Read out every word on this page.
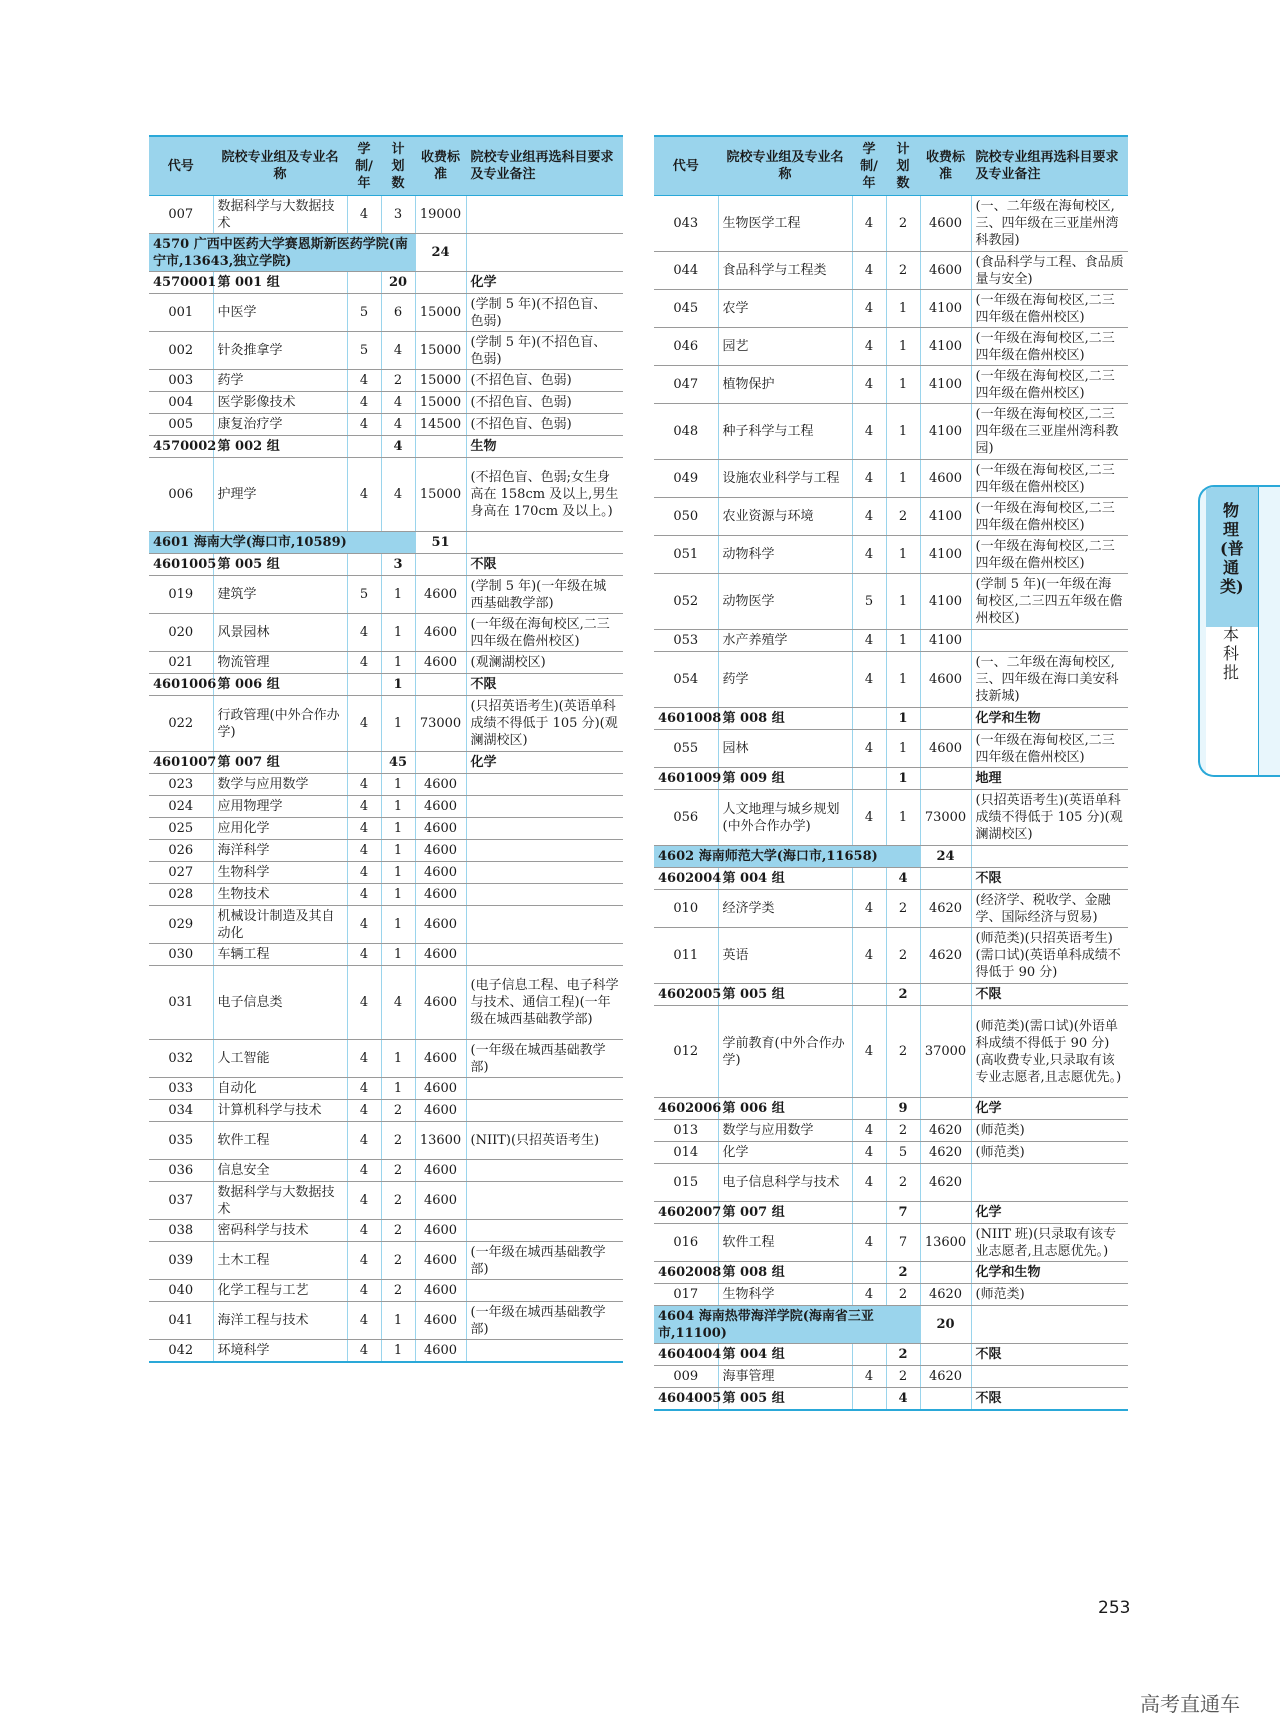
代号	院校专业组及专业名称	学制/年	计划数	收费标准	院校专业组再选科目要求及专业备注
007	数据科学与大数据技术	4	3	19000	
4570 广西中医药大学赛恩斯新医药学院(南宁市,13643,独立学院)				24	
4570001	第 001 组		20		化学
001	中医学	5	6	15000	(学制 5 年)(不招色盲、色弱)
002	针灸推拿学	5	4	15000	(学制 5 年)(不招色盲、色弱)
003	药学	4	2	15000	(不招色盲、色弱)
004	医学影像技术	4	4	15000	(不招色盲、色弱)
005	康复治疗学	4	4	14500	(不招色盲、色弱)
4570002	第 002 组		4		生物
006	护理学	4	4	15000	(不招色盲、色弱;女生身高在 158cm 及以上,男生身高在 170cm 及以上。)
4601 海南大学(海口市,10589)				51	
4601005	第 005 组		3		不限
019	建筑学	5	1	4600	(学制 5 年)(一年级在城西基础教学部)
020	风景园林	4	1	4600	(一年级在海甸校区,二三四年级在儋州校区)
021	物流管理	4	1	4600	(观澜湖校区)
4601006	第 006 组		1		不限
022	行政管理(中外合作办学)	4	1	73000	(只招英语考生)(英语单科成绩不得低于 105 分)(观澜湖校区)
4601007	第 007 组		45		化学
023	数学与应用数学	4	1	4600	
024	应用物理学	4	1	4600	
025	应用化学	4	1	4600	
026	海洋科学	4	1	4600	
027	生物科学	4	1	4600	
028	生物技术	4	1	4600	
029	机械设计制造及其自动化	4	1	4600	
030	车辆工程	4	1	4600	
031	电子信息类	4	4	4600	(电子信息工程、电子科学与技术、通信工程)(一年级在城西基础教学部)
032	人工智能	4	1	4600	(一年级在城西基础教学部)
033	自动化	4	1	4600	
034	计算机科学与技术	4	2	4600	
035	软件工程	4	2	13600	(NIIT)(只招英语考生)
036	信息安全	4	2	4600	
037	数据科学与大数据技术	4	2	4600	
038	密码科学与技术	4	2	4600	
039	土木工程	4	2	4600	(一年级在城西基础教学部)
040	化学工程与工艺	4	2	4600	
041	海洋工程与技术	4	1	4600	(一年级在城西基础教学部)
042	环境科学	4	1	4600	
代号	院校专业组及专业名称	学制/年	计划数	收费标准	院校专业组再选科目要求及专业备注
043	生物医学工程	4	2	4600	(一、二年级在海甸校区,三、四年级在三亚崖州湾科教园)
044	食品科学与工程类	4	2	4600	(食品科学与工程、食品质量与安全)
045	农学	4	1	4100	(一年级在海甸校区,二三四年级在儋州校区)
046	园艺	4	1	4100	(一年级在海甸校区,二三四年级在儋州校区)
047	植物保护	4	1	4100	(一年级在海甸校区,二三四年级在儋州校区)
048	种子科学与工程	4	1	4100	(一年级在海甸校区,二三四年级在三亚崖州湾科教园)
049	设施农业科学与工程	4	1	4600	(一年级在海甸校区,二三四年级在儋州校区)
050	农业资源与环境	4	2	4100	(一年级在海甸校区,二三四年级在儋州校区)
051	动物科学	4	1	4100	(一年级在海甸校区,二三四年级在儋州校区)
052	动物医学	5	1	4100	(学制 5 年)(一年级在海甸校区,二三四五年级在儋州校区)
053	水产养殖学	4	1	4100	
054	药学	4	1	4600	(一、二年级在海甸校区,三、四年级在海口美安科技新城)
4601008	第 008 组		1		化学和生物
055	园林	4	1	4600	(一年级在海甸校区,二三四年级在儋州校区)
4601009	第 009 组		1		地理
056	人文地理与城乡规划(中外合作办学)	4	1	73000	(只招英语考生)(英语单科成绩不得低于 105 分)(观澜湖校区)
4602 海南师范大学(海口市,11658)				24	
4602004	第 004 组		4		不限
010	经济学类	4	2	4620	(经济学、税收学、金融学、国际经济与贸易)
011	英语	4	2	4620	(师范类)(只招英语考生)(需口试)(英语单科成绩不得低于 90 分)
4602005	第 005 组		2		不限
012	学前教育(中外合作办学)	4	2	37000	(师范类)(需口试)(外语单科成绩不得低于 90 分)(高收费专业,只录取有该专业志愿者,且志愿优先。)
4602006	第 006 组		9		化学
013	数学与应用数学	4	2	4620	(师范类)
014	化学	4	5	4620	(师范类)
015	电子信息科学与技术	4	2	4620	
4602007	第 007 组		7		化学
016	软件工程	4	7	13600	(NIIT 班)(只录取有该专业志愿者,且志愿优先。)
4602008	第 008 组		2		化学和生物
017	生物科学	4	2	4620	(师范类)
4604 海南热带海洋学院(海南省三亚市,11100)				20	
4604004	第 004 组		2		不限
009	海事管理	4	2	4620	
4604005	第 005 组		4		不限
物理(普通类)
本科批
253
高考直通车
